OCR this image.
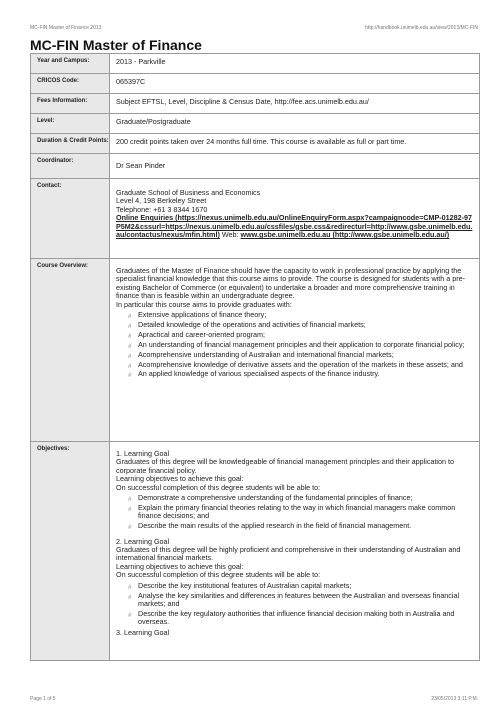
MC-FIN Master of Finance 2013	http://handbook.unimelb.edu.au/view/2013/MC-FIN
MC-FIN Master of Finance
Year and Campus:	2013 - Parkville
CRICOS Code:	065397C
Fees Information:	Subject EFTSL, Level, Discipline & Census Date, http://fee.acs.unimelb.edu.au/
Level:	Graduate/Postgraduate
Duration & Credit Points:	200 credit points taken over 24 months full time. This course is available as full or part time.
Coordinator:	Dr Sean Pinder
Contact:

Graduate School of Business and Economics

Level 4, 198 Berkeley Street

Telephone: +61 3 8344 1670

Online Enquiries (https://nexus.unimelb.edu.au/OnlineEnquiryForm.aspx?campaigncode=CMP-01282-97P5M2&cssurl=https://nexus.unimelb.edu.au/cssfiles/gsbe.css&redirecturl=http://www.gsbe.unimelb.edu.au/contactus/nexus/mfin.html) Web: www.gsbe.unimelb.edu.au (http://www.gsbe.unimelb.edu.au/)

Course Overview:	Graduates of the Master of Finance should have the capacity to work in professional practice by applying the specialist financial knowledge that this course aims to provide. The course is designed for students with a pre-existing Bachelor of Commerce (or equivalent) to undertake a broader and more comprehensive training in finance than is feasible within an undergraduate degree.

In particular this course aims to provide graduates with:

# Extensive applications of finance theory;
# Detailed knowledge of the operations and activities of financial markets;
# Apractical and career-oriented program;
# An understanding of financial management principles and their application to corporate financial policy;
# Acomprehensive understanding of Australian and international financial markets;
# Acomprehensive knowledge of derivative assets and the operation of the markets in these assets; and
# An applied knowledge of various specialised aspects of the finance industry.
Objectives:	1. Learning Goal

Graduates of this degree will be knowledgeable of financial management principles and their application to corporate financial policy.

Learning objectives to achieve this goal:

On successful completion of this degree students will be able to:

# Demonstrate a comprehensive understanding of the fundamental principles of finance;
# Explain the primary financial theories relating to the way in which financial managers make common finance decisions; and
# Describe the main results of the applied research in the field of financial management.

2. Learning Goal

Graduates of this degree will be highly proficient and comprehensive in their understanding of Australian and international financial markets.

Learning objectives to achieve this goal:

On successful completion of this degree students will be able to:

# Describe the key institutional features of Australian capital markets;
# Analyse the key similarities and differences in features between the Australian and overseas financial markets; and
# Describe the key regulatory authorities that influence financial decision making both in Australia and overseas.

3. Learning Goal

Page 1 of 5	23/05/2013 3:11 P.M.
